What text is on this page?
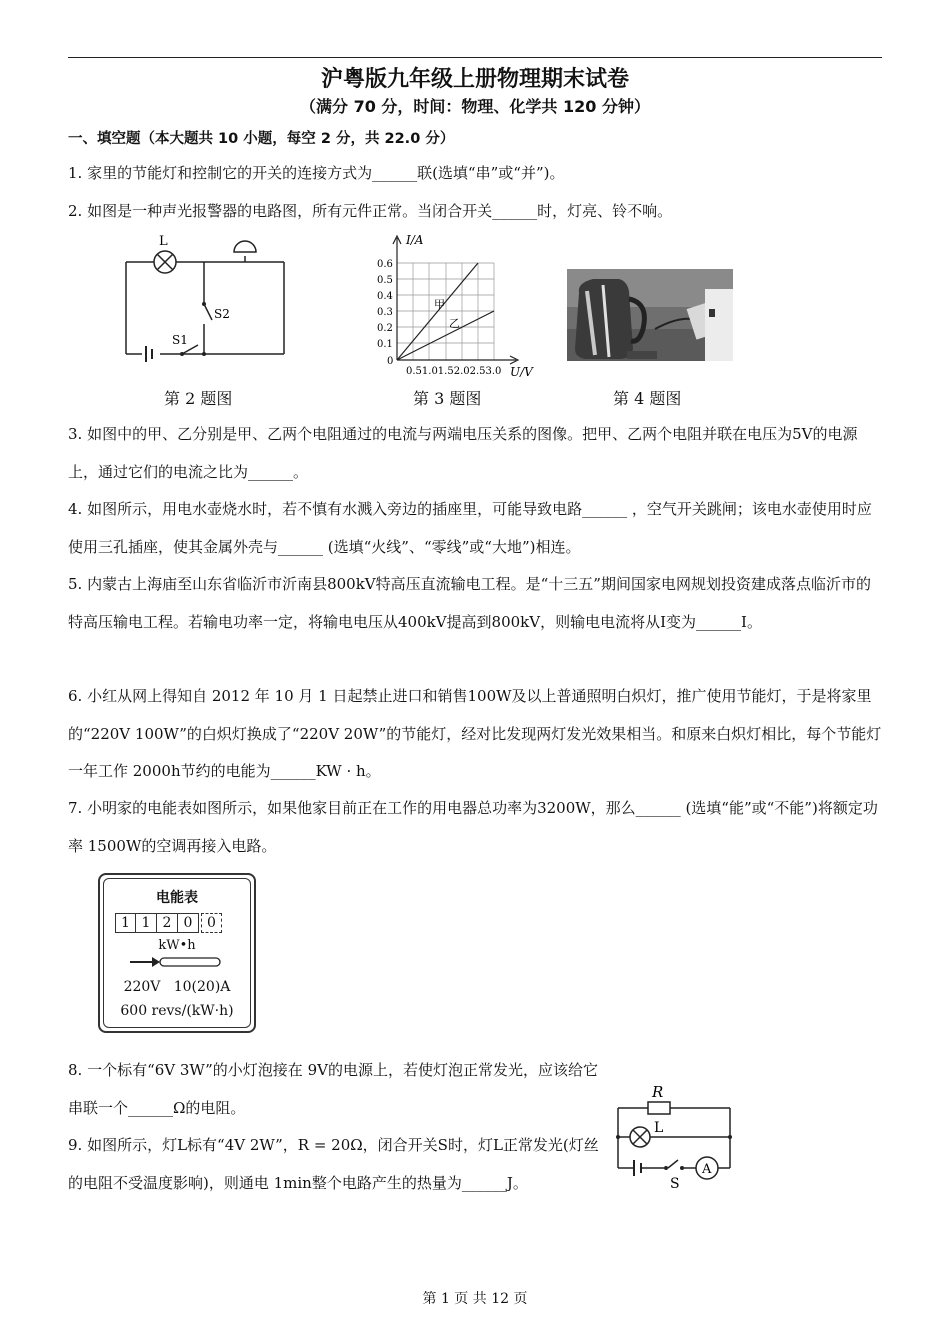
沪粤版九年级上册物理期末试卷
（满分 70 分，时间：物理、化学共 120 分钟）
一、填空题（本大题共 10 小题，每空 2 分，共 22.0 分）
1. 家里的节能灯和控制它的开关的连接方式为______联(选填“串”或“并”)。
2. 如图是一种声光报警器的电路图，所有元件正常。当闭合开关______时，灯亮、铃不响。
L
S2
S1
I/A
U/V
0.6
0.5
0.4
0.3
0.2
0.1
0
0.51.01.52.02.53.0
甲
乙
第 2 题图	第 3 题图	第 4 题图
3. 如图中的甲、乙分别是甲、乙两个电阻通过的电流与两端电压关系的图像。把甲、乙两个电阻并联在电压为5V的电源上，通过它们的电流之比为______。
4. 如图所示，用电水壶烧水时，若不慎有水溅入旁边的插座里，可能导致电路______ ，空气开关跳闸；该电水壶使用时应使用三孔插座，使其金属外壳与______ (选填“火线”、“零线”或“大地”)相连。
5. 内蒙古上海庙至山东省临沂市沂南县800kV特高压直流输电工程。是“十三五”期间国家电网规划投资建成落点临沂市的特高压输电工程。若输电功率一定，将输电电压从400kV提高到800kV，则输电电流将从I变为______I。
6. 小红从网上得知自 2012 年 10 月 1 日起禁止进口和销售100W及以上普通照明白炽灯，推广使用节能灯，于是将家里的“220V 100W”的白炽灯换成了“220V 20W”的节能灯，经对比发现两灯发光效果相当。和原来白炽灯相比，每个节能灯一年工作 2000h节约的电能为______KW · h。
7. 小明家的电能表如图所示，如果他家目前正在工作的用电器总功率为3200W，那么______ (选填“能”或“不能”)将额定功率 1500W的空调再接入电路。
电能表
1 1 2 0	0
kW•h
220V   10(20)A
600 revs/(kW·h)
8. 一个标有“6V 3W”的小灯泡接在 9V的电源上，若使灯泡正常发光，应该给它串联一个______Ω的电阻。
9. 如图所示，灯L标有“4V 2W”，R = 20Ω，闭合开关S时，灯L正常发光(灯丝的电阻不受温度影响)，则通电 1min整个电路产生的热量为______J。
R
L
S
A
第 1 页 共 12 页
